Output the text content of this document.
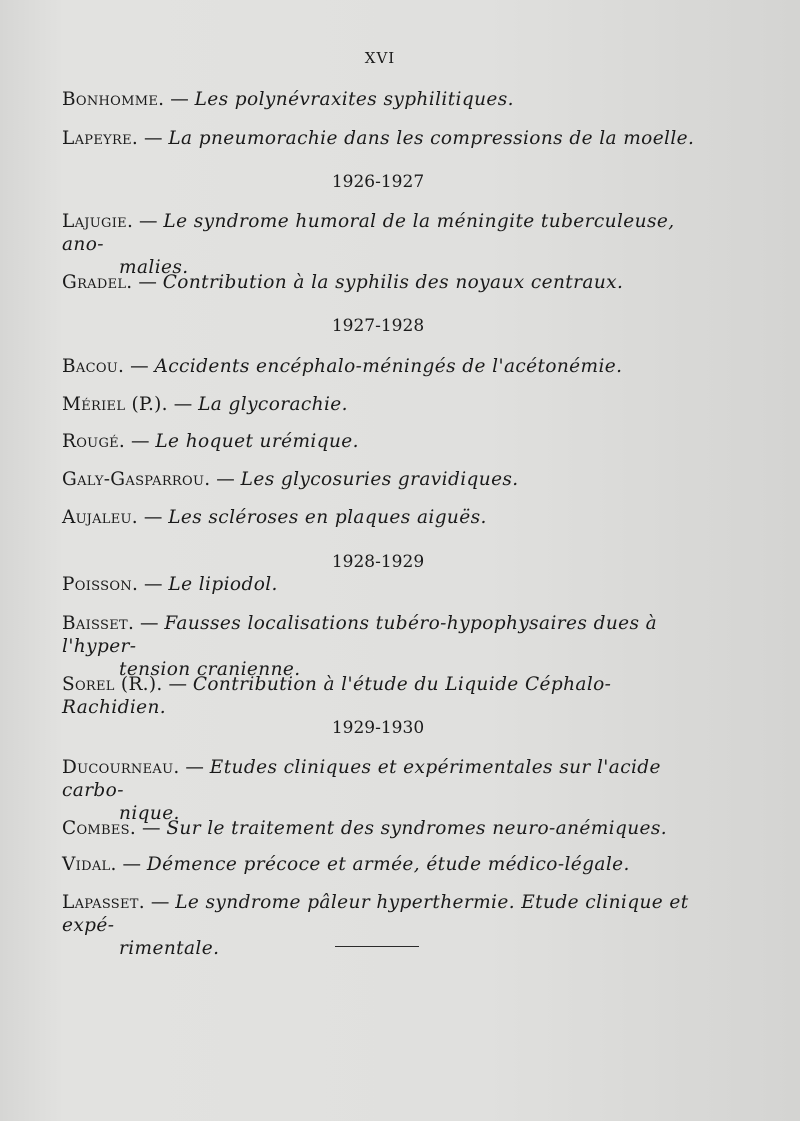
XVI
Bonhomme. — Les polynévraxites syphilitiques.
Lapeyre. — La pneumorachie dans les compressions de la moelle.
1926-1927
Lajugie. — Le syndrome humoral de la méningite tuberculeuse, ano-
malies.
Gradel. — Contribution à la syphilis des noyaux centraux.
1927-1928
Bacou. — Accidents encéphalo-méningés de l'acétonémie.
Mériel (P.). — La glycorachie.
Rougé. — Le hoquet urémique.
Galy-Gasparrou. — Les glycosuries gravidiques.
Aujaleu. — Les scléroses en plaques aiguës.
1928-1929
Poisson. — Le lipiodol.
Baisset. — Fausses localisations tubéro-hypophysaires dues à l'hyper-
tension cranienne.
Sorel (R.). — Contribution à l'étude du Liquide Céphalo-Rachidien.
1929-1930
Ducourneau. — Etudes cliniques et expérimentales sur l'acide carbo-
nique.
Combes. — Sur le traitement des syndromes neuro-anémiques.
Vidal. — Démence précoce et armée, étude médico-légale.
Lapasset. — Le syndrome pâleur hyperthermie. Etude clinique et expé-
rimentale.
